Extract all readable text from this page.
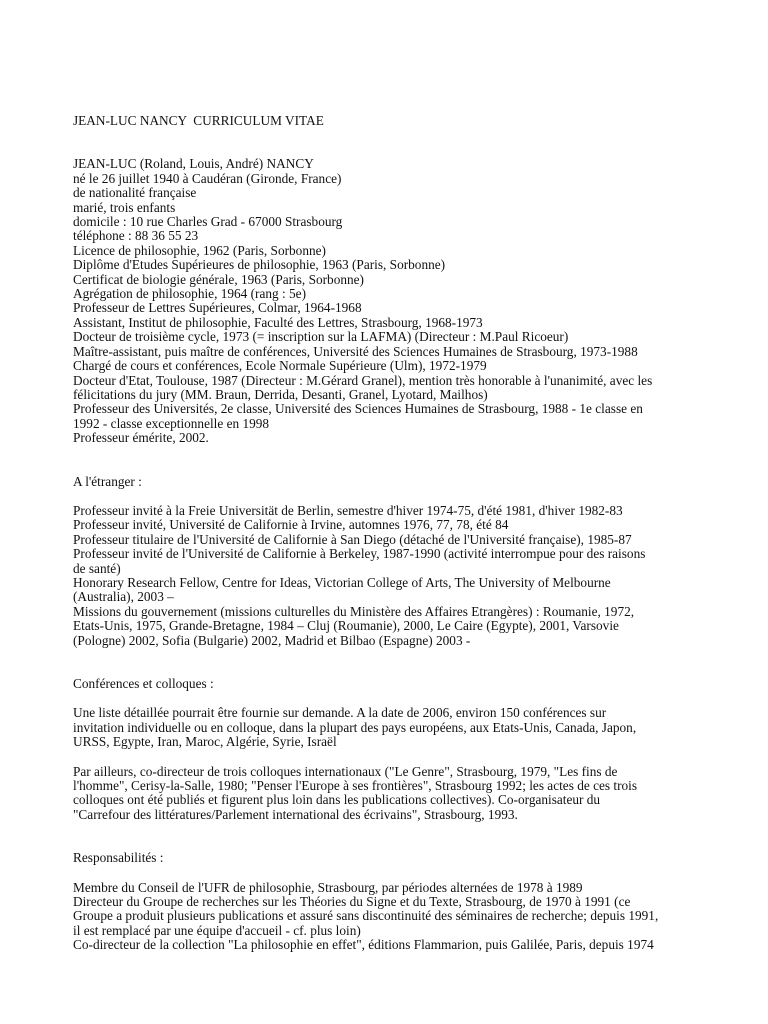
JEAN-LUC NANCY  CURRICULUM VITAE
JEAN-LUC (Roland, Louis, André) NANCY
né le 26 juillet 1940 à Caudéran (Gironde, France)
de nationalité française
marié, trois enfants
domicile : 10 rue Charles Grad - 67000 Strasbourg
téléphone : 88 36 55 23
Licence de philosophie, 1962 (Paris, Sorbonne)
Diplôme d'Etudes Supérieures de philosophie, 1963 (Paris, Sorbonne)
Certificat de biologie générale, 1963 (Paris, Sorbonne)
Agrégation de philosophie, 1964 (rang : 5e)
Professeur de Lettres Supérieures, Colmar, 1964-1968
Assistant, Institut de philosophie, Faculté des Lettres, Strasbourg, 1968-1973
Docteur de troisième cycle, 1973 (= inscription sur la LAFMA) (Directeur : M.Paul Ricoeur)
Maître-assistant, puis maître de conférences, Université des Sciences Humaines de Strasbourg, 1973-1988
Chargé de cours et conférences, Ecole Normale Supérieure (Ulm), 1972-1979
Docteur d'Etat, Toulouse, 1987 (Directeur : M.Gérard Granel), mention très honorable à l'unanimité, avec les
félicitations du jury (MM. Braun, Derrida, Desanti, Granel, Lyotard, Mailhos)
Professeur des Universités, 2e classe, Université des Sciences Humaines de Strasbourg, 1988 - 1e classe en
1992 - classe exceptionnelle en 1998
Professeur émérite, 2002.
A l'étranger :
Professeur invité à la Freie Universität de Berlin, semestre d'hiver 1974-75, d'été 1981, d'hiver 1982-83
Professeur invité, Université de Californie à Irvine, automnes 1976, 77, 78, été 84
Professeur titulaire de l'Université de Californie à San Diego (détaché de l'Université française), 1985-87
Professeur invité de l'Université de Californie à Berkeley, 1987-1990 (activité interrompue pour des raisons
de santé)
Honorary Research Fellow, Centre for Ideas, Victorian College of Arts, The University of Melbourne
(Australia), 2003 –
Missions du gouvernement (missions culturelles du Ministère des Affaires Etrangères) : Roumanie, 1972,
Etats-Unis, 1975, Grande-Bretagne, 1984 – Cluj (Roumanie), 2000, Le Caire (Egypte), 2001, Varsovie
(Pologne) 2002, Sofia (Bulgarie) 2002, Madrid et Bilbao (Espagne) 2003 -
Conférences et colloques :
Une liste détaillée pourrait être fournie sur demande. A la date de 2006, environ 150 conférences sur
invitation individuelle ou en colloque, dans la plupart des pays européens, aux Etats-Unis, Canada, Japon,
URSS, Egypte, Iran, Maroc, Algérie, Syrie, Israël
Par ailleurs, co-directeur de trois colloques internationaux ("Le Genre", Strasbourg, 1979, "Les fins de
l'homme", Cerisy-la-Salle, 1980; "Penser l'Europe à ses frontières", Strasbourg 1992; les actes de ces trois
colloques ont été publiés et figurent plus loin dans les publications collectives). Co-organisateur du
"Carrefour des littératures/Parlement international des écrivains", Strasbourg, 1993.
Responsabilités :
Membre du Conseil de l'UFR de philosophie, Strasbourg, par périodes alternées de 1978 à 1989
Directeur du Groupe de recherches sur les Théories du Signe et du Texte, Strasbourg, de 1970 à 1991 (ce
Groupe a produit plusieurs publications et assuré sans discontinuité des séminaires de recherche; depuis 1991,
il est remplacé par une équipe d'accueil - cf. plus loin)
Co-directeur de la collection "La philosophie en effet", éditions Flammarion, puis Galilée, Paris, depuis 1974
